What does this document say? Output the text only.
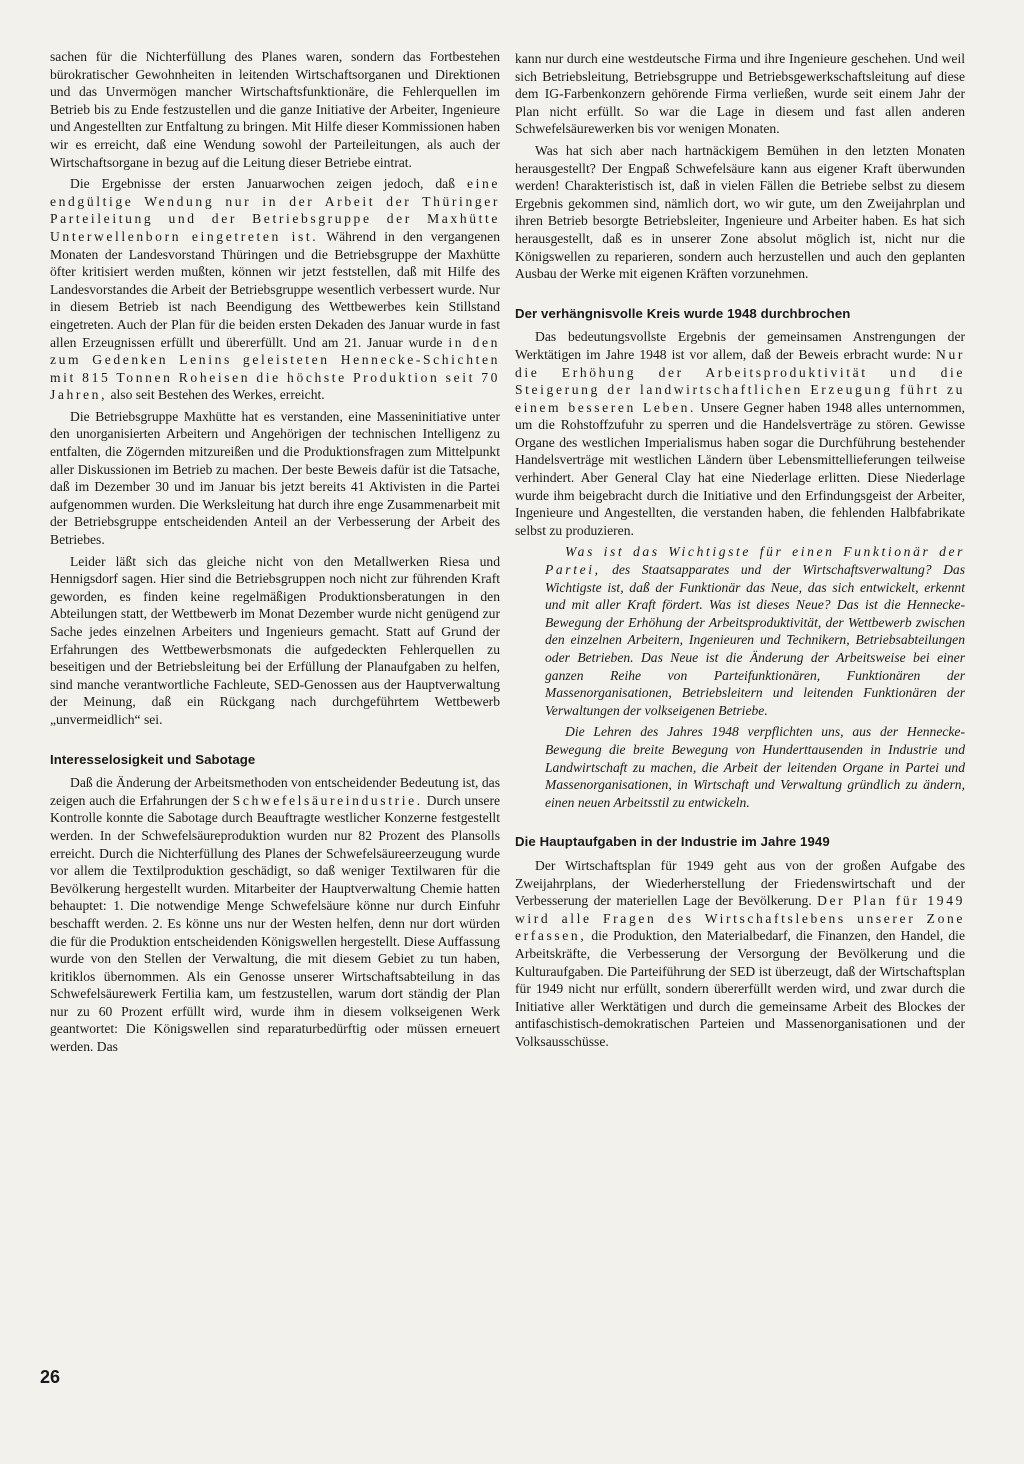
sachen für die Nichterfüllung des Planes waren, sondern das Fortbestehen bürokratischer Gewohnheiten in leitenden Wirtschaftsorganen und Direktionen und das Unvermögen mancher Wirtschaftsfunktionäre, die Fehlerquellen im Betrieb bis zu Ende festzustellen und die ganze Initiative der Arbeiter, Ingenieure und Angestellten zur Entfaltung zu bringen. Mit Hilfe dieser Kommissionen haben wir es erreicht, daß eine Wendung sowohl der Parteileitungen, als auch der Wirtschaftsorgane in bezug auf die Leitung dieser Betriebe eintrat.

Die Ergebnisse der ersten Januarwochen zeigen jedoch, daß eine endgültige Wendung nur in der Arbeit der Thüringer Parteileitung und der Betriebsgruppe der Maxhütte Unterwellenborn eingetreten ist. Während in den vergangenen Monaten der Landesvorstand Thüringen und die Betriebsgruppe der Maxhütte öfter kritisiert werden mußten, können wir jetzt feststellen, daß mit Hilfe des Landesvorstandes die Arbeit der Betriebsgruppe wesentlich verbessert wurde. Nur in diesem Betrieb ist nach Beendigung des Wettbewerbes kein Stillstand eingetreten. Auch der Plan für die beiden ersten Dekaden des Januar wurde in fast allen Erzeugnissen erfüllt und übererfüllt. Und am 21. Januar wurde in den zum Gedenken Lenins geleisteten Hennecke-Schichten mit 815 Tonnen Roheisen die höchste Produktion seit 70 Jahren, also seit Bestehen des Werkes, erreicht.

Die Betriebsgruppe Maxhütte hat es verstanden, eine Masseninitiative unter den unorganisierten Arbeitern und Angehörigen der technischen Intelligenz zu entfalten, die Zögernden mitzureißen und die Produktionsfragen zum Mittelpunkt aller Diskussionen im Betrieb zu machen. Der beste Beweis dafür ist die Tatsache, daß im Dezember 30 und im Januar bis jetzt bereits 41 Aktivisten in die Partei aufgenommen wurden. Die Werksleitung hat durch ihre enge Zusammenarbeit mit der Betriebsgruppe entscheidenden Anteil an der Verbesserung der Arbeit des Betriebes.

Leider läßt sich das gleiche nicht von den Metallwerken Riesa und Hennigsdorf sagen. Hier sind die Betriebsgruppen noch nicht zur führenden Kraft geworden, es finden keine regelmäßigen Produktionsberatungen in den Abteilungen statt, der Wettbewerb im Monat Dezember wurde nicht genügend zur Sache jedes einzelnen Arbeiters und Ingenieurs gemacht. Statt auf Grund der Erfahrungen des Wettbewerbsmonats die aufgedeckten Fehlerquellen zu beseitigen und der Betriebsleitung bei der Erfüllung der Planaufgaben zu helfen, sind manche verantwortliche Fachleute, SED-Genossen aus der Hauptverwaltung der Meinung, daß ein Rückgang nach durchgeführtem Wettbewerb „unvermeidlich“ sei.

Interesselosigkeit und Sabotage

Daß die Änderung der Arbeitsmethoden von entscheidender Bedeutung ist, das zeigen auch die Erfahrungen der Schwefelsäureindustrie. Durch unsere Kontrolle konnte die Sabotage durch Beauftragte westlicher Konzerne festgestellt werden. In der Schwefelsäureproduktion wurden nur 82 Prozent des Plansolls erreicht. Durch die Nichterfüllung des Planes der Schwefelsäureerzeugung wurde vor allem die Textilproduktion geschädigt, so daß weniger Textilwaren für die Bevölkerung hergestellt wurden. Mitarbeiter der Hauptverwaltung Chemie hatten behauptet: 1. Die notwendige Menge Schwefelsäure könne nur durch Einfuhr beschafft werden. 2. Es könne uns nur der Westen helfen, denn nur dort würden die für die Produktion entscheidenden Königswellen hergestellt. Diese Auffassung wurde von den Stellen der Verwaltung, die mit diesem Gebiet zu tun haben, kritiklos übernommen. Als ein Genosse unserer Wirtschaftsabteilung in das Schwefelsäurewerk Fertilia kam, um festzustellen, warum dort ständig der Plan nur zu 60 Prozent erfüllt wird, wurde ihm in diesem volkseigenen Werk geantwortet: Die Königswellen sind reparaturbedürftig oder müssen erneuert werden. Das

kann nur durch eine westdeutsche Firma und ihre Ingenieure geschehen. Und weil sich Betriebsleitung, Betriebsgruppe und Betriebsgewerkschaftsleitung auf diese dem IG-Farbenkonzern gehörende Firma verließen, wurde seit einem Jahr der Plan nicht erfüllt. So war die Lage in diesem und fast allen anderen Schwefelsäurewerken bis vor wenigen Monaten.

Was hat sich aber nach hartnäckigem Bemühen in den letzten Monaten herausgestellt? Der Engpaß Schwefelsäure kann aus eigener Kraft überwunden werden! Charakteristisch ist, daß in vielen Fällen die Betriebe selbst zu diesem Ergebnis gekommen sind, nämlich dort, wo wir gute, um den Zweijahrplan und ihren Betrieb besorgte Betriebsleiter, Ingenieure und Arbeiter haben. Es hat sich herausgestellt, daß es in unserer Zone absolut möglich ist, nicht nur die Königswellen zu reparieren, sondern auch herzustellen und auch den geplanten Ausbau der Werke mit eigenen Kräften vorzunehmen.

Der verhängnisvolle Kreis wurde 1948 durchbrochen

Das bedeutungsvollste Ergebnis der gemeinsamen Anstrengungen der Werktätigen im Jahre 1948 ist vor allem, daß der Beweis erbracht wurde: Nur die Erhöhung der Arbeitsproduktivität und die Steigerung der landwirtschaftlichen Erzeugung führt zu einem besseren Leben. Unsere Gegner haben 1948 alles unternommen, um die Rohstoffzufuhr zu sperren und die Handelsverträge zu stören. Gewisse Organe des westlichen Imperialismus haben sogar die Durchführung bestehender Handelsverträge mit westlichen Ländern über Lebensmittellieferungen teilweise verhindert. Aber General Clay hat eine Niederlage erlitten. Diese Niederlage wurde ihm beigebracht durch die Initiative und den Erfindungsgeist der Arbeiter, Ingenieure und Angestellten, die verstanden haben, die fehlenden Halbfabrikate selbst zu produzieren.

Was ist das Wichtigste für einen Funktionär der Partei, des Staatsapparates und der Wirtschaftsverwaltung? Das Wichtigste ist, daß der Funktionär das Neue, das sich entwickelt, erkennt und mit aller Kraft fördert. Was ist dieses Neue? Das ist die Hennecke-Bewegung der Erhöhung der Arbeitsproduktivität, der Wettbewerb zwischen den einzelnen Arbeitern, Ingenieuren und Technikern, Betriebsabteilungen oder Betrieben. Das Neue ist die Änderung der Arbeitsweise bei einer ganzen Reihe von Parteifunktionären, Funktionären der Massenorganisationen, Betriebsleitern und leitenden Funktionären der Verwaltungen der volkseigenen Betriebe.

Die Lehren des Jahres 1948 verpflichten uns, aus der Hennecke-Bewegung die breite Bewegung von Hunderttausenden in Industrie und Landwirtschaft zu machen, die Arbeit der leitenden Organe in Partei und Massenorganisationen, in Wirtschaft und Verwaltung gründlich zu ändern, einen neuen Arbeitsstil zu entwickeln.

Die Hauptaufgaben in der Industrie im Jahre 1949

Der Wirtschaftsplan für 1949 geht aus von der großen Aufgabe des Zweijahrplans, der Wiederherstellung der Friedenswirtschaft und der Verbesserung der materiellen Lage der Bevölkerung. Der Plan für 1949 wird alle Fragen des Wirtschaftslebens unserer Zone erfassen, die Produktion, den Materialbedarf, die Finanzen, den Handel, die Arbeitskräfte, die Verbesserung der Versorgung der Bevölkerung und die Kulturaufgaben. Die Parteiführung der SED ist überzeugt, daß der Wirtschaftsplan für 1949 nicht nur erfüllt, sondern übererfüllt werden wird, und zwar durch die Initiative aller Werktätigen und durch die gemeinsame Arbeit des Blockes der antifaschistisch-demokratischen Parteien und Massenorganisationen und der Volksausschüsse.

26
